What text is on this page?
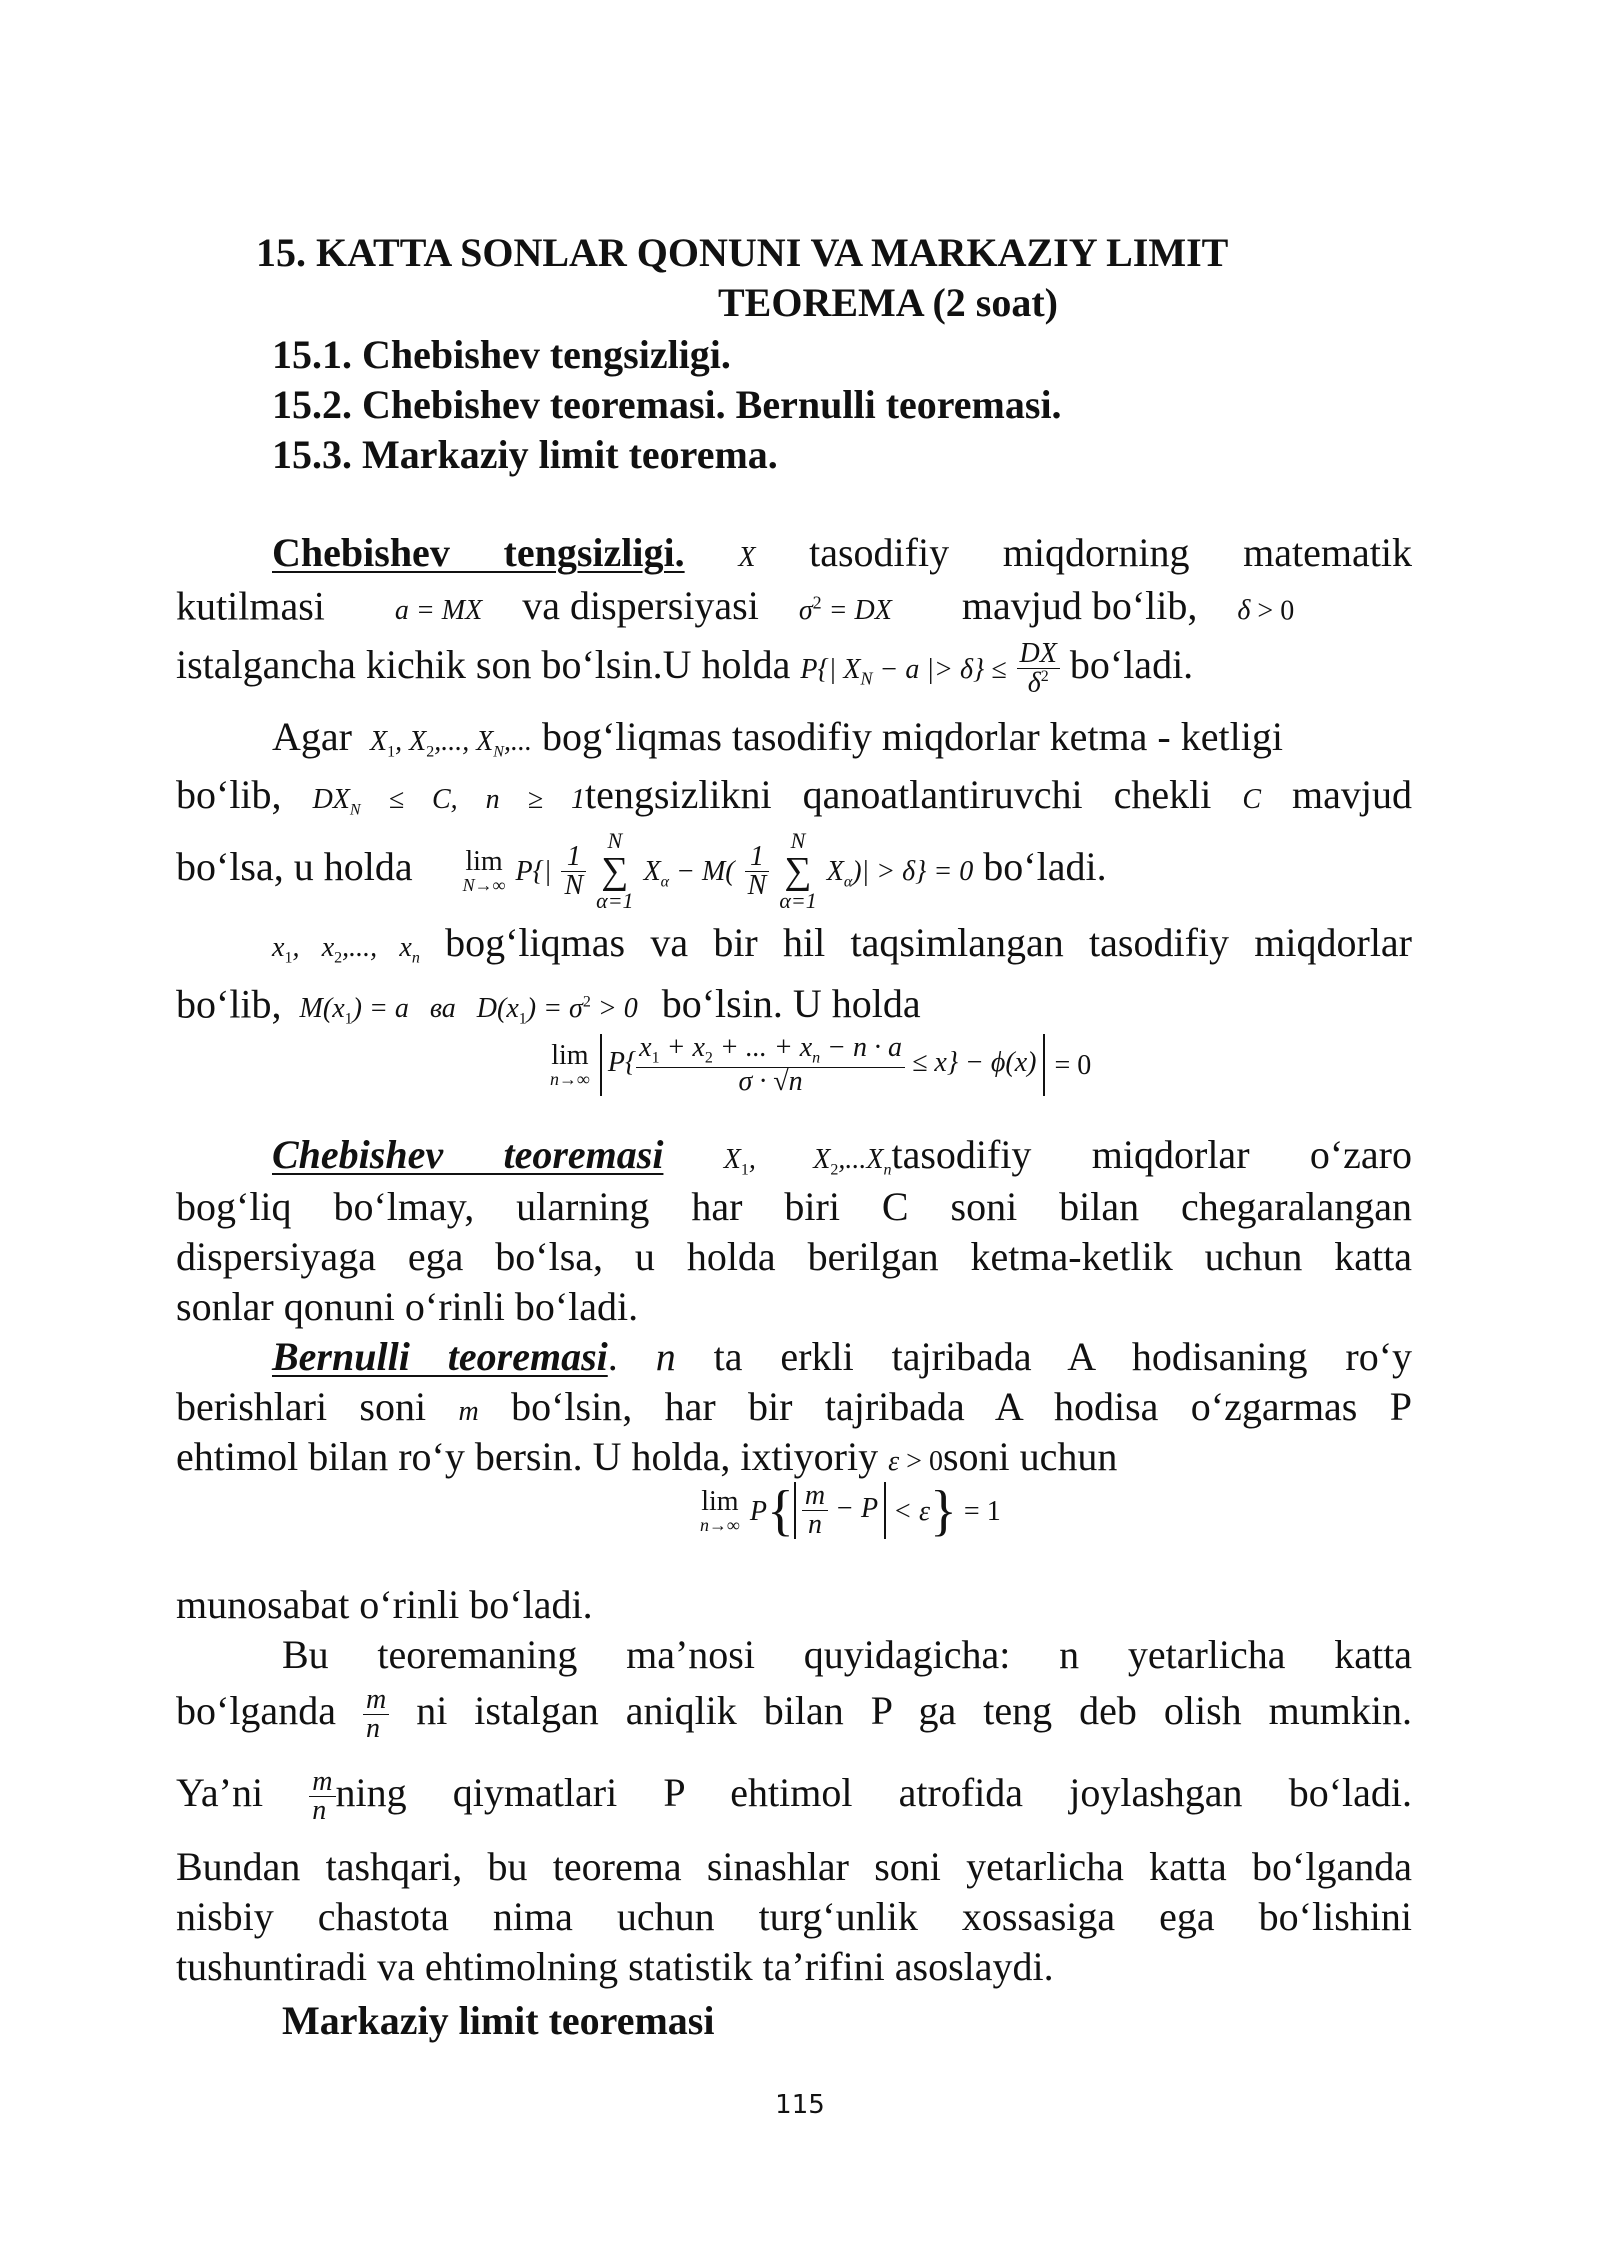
15. KATTA SONLAR QONUNI VA MARKAZIY LIMIT
TEOREMA (2 soat)
15.1. Chebishev tengsizligi.
15.2. Chebishev teoremasi. Bernulli teoremasi.
15.3. Markaziy limit teorema.
Chebishev tengsizligi. X tasodifiy miqdorning matematik
kutilmasi	a = MX va dispersiyasi $\sigma^2$ = DX mavjud bo‘lib, δ > 0
istalgancha kichik son bo‘lsin.U holda P{| $X_N - a$ |> $\delta\} \le \frac{DX}{\delta^2}$ bo‘ladi.
Agar $X_1$, $X_2$,..., $X_N$,... bog‘liqmas tasodifiy miqdorlar ketma - ketligi
bo‘lib, $DX_N \le C$, n ≥ 1tengsizlikni qanoatlantiruvchi chekli C mavjud
bo‘lsa, u holda lim
N→∞ $P\{| \frac{1}{N}$
N
∑
α=1 $X_\alpha - M( \frac{1}{N}$
N
∑
α=1 $X_\alpha)| > \delta\} = 0$ bo‘ladi.
$x_1$, $x_2$,..., $x_n$ bog‘liqmas va bir hil taqsimlangan tasodifiy miqdorlar
bo‘lib, $M(x_1) = a$   ва   $D(x_1) = \sigma^2 > 0$ bo‘lsin. U holda
lim
n→∞
$P\{ \frac{x_1 + x_2 + ... + x_n - n \cdot a}{\sigma \cdot √n} \le x\} - \phi(x) = 0$
Chebishev teoremasi $X_1$, $X_2,...X_ntasodifiy$ miqdorlar o‘zaro
bog‘liq bo‘lmay, ularning har biri C soni bilan chegaralangan
dispersiyaga ega bo‘lsa, u holda berilgan ketma-ketlik uchun katta
sonlar qonuni o‘rinli bo‘ladi.
Bernulli teoremasi. n ta erkli tajribada A hodisaning ro‘y
berishlari soni m bo‘lsin, har bir tajribada A hodisa o‘zgarmas P
ehtimol bilan ro‘y bersin. U holda, ixtiyoriy ε > 0soni uchun
lim
n→∞ $P\{ \frac{m}{n} - P < \varepsilon\} = 1$
munosabat o‘rinli bo‘ladi.
Bu teoremaning ma’nosi quyidagicha: n yetarlicha katta
bo‘lganda $\frac{m}{n}$ ni istalgan aniqlik bilan P ga teng deb olish mumkin.
Ya’ni $\frac{m}{n}$ ning qiymatlari P ehtimol atrofida joylashgan bo‘ladi.
Bundan tashqari, bu teorema sinashlar soni yetarlicha katta bo‘lganda
nisbiy chastota nima uchun turg‘unlik xossasiga ega bo‘lishini
tushuntiradi va ehtimolning statistik ta’rifini asoslaydi.
Markaziy limit teoremasi
115
